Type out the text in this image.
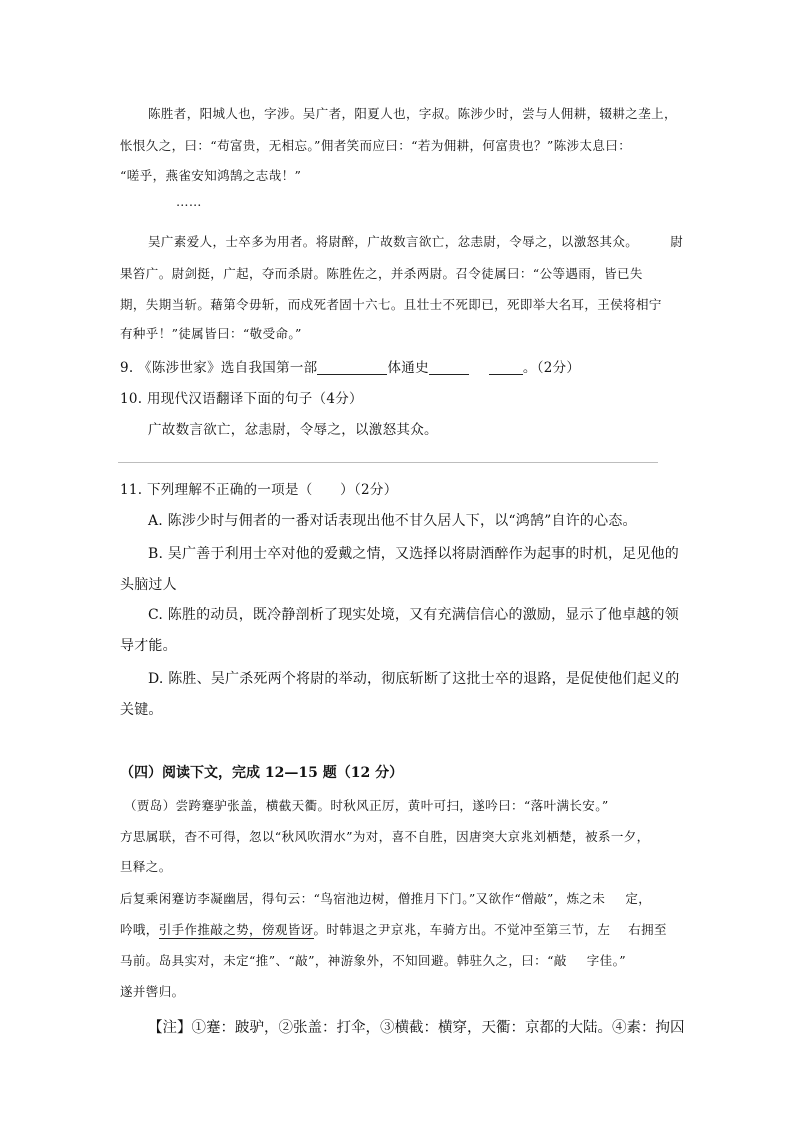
陈胜者，阳城人也，字涉。吴广者，阳夏人也，字叔。陈涉少时，尝与人佣耕，辍耕之垄上，
怅恨久之，曰：“苟富贵，无相忘。”佣者笑而应曰：“若为佣耕，何富贵也？”陈涉太息曰：
“嗟乎，燕雀安知鸿鹄之志哉！”
……
吴广素爱人，士卒多为用者。将尉醉，广故数言欲亡，忿恚尉，令辱之，以激怒其众。	尉
果笞广。尉剑挺，广起，夺而杀尉。陈胜佐之，并杀两尉。召令徒属曰：“公等遇雨，皆已失
期，失期当斩。藉第令毋斩，而戍死者固十六七。且壮士不死即已，死即举大名耳，王侯将相宁
有种乎！”徒属皆曰：“敬受命。”
9. 《陈涉世家》选自我国第一部	体通史	。（2分）
10. 用现代汉语翻译下面的句子（4分）
广故数言欲亡，忿恚尉，令辱之，以激怒其众。
11. 下列理解不正确的一项是（　　）（2分）
A. 陈涉少时与佣者的一番对话表现出他不甘久居人下，以“鸿鹄”自许的心态。
B. 吴广善于利用士卒对他的爱戴之情，又选择以将尉酒醉作为起事的时机，足见他的
头脑过人
C. 陈胜的动员，既冷静剖析了现实处境，又有充满信信心的激励，显示了他卓越的领
导才能。
D. 陈胜、吴广杀死两个将尉的举动，彻底斩断了这批士卒的退路，是促使他们起义的
关键。
（四）阅读下文，完成 12—15 题（12 分）
（贾岛）尝跨蹇驴张盖，横截天衢。时秋风正厉，黄叶可扫，遂吟曰：“落叶满长安。”
方思属联，杳不可得，忽以“秋风吹渭水”为对，喜不自胜，因唐突大京兆刘栖楚，被系一夕，
旦释之。
后复乘闲蹇访李凝幽居，得句云：“鸟宿池边树，僧推月下门。”又欲作“僧敲”，炼之未 定，
吟哦，引手作推敲之势，傍观皆讶。时韩退之尹京兆，车骑方出。不觉冲至第三节，左 右拥至
马前。岛具实对，未定“推”、“敲”，神游象外，不知回避。韩驻久之，曰：“敲 字佳。”
遂并辔归。
【注】①蹇：跛驴，②张盖：打伞，③横截：横穿，天衢：京都的大陆。④素：拘囚
